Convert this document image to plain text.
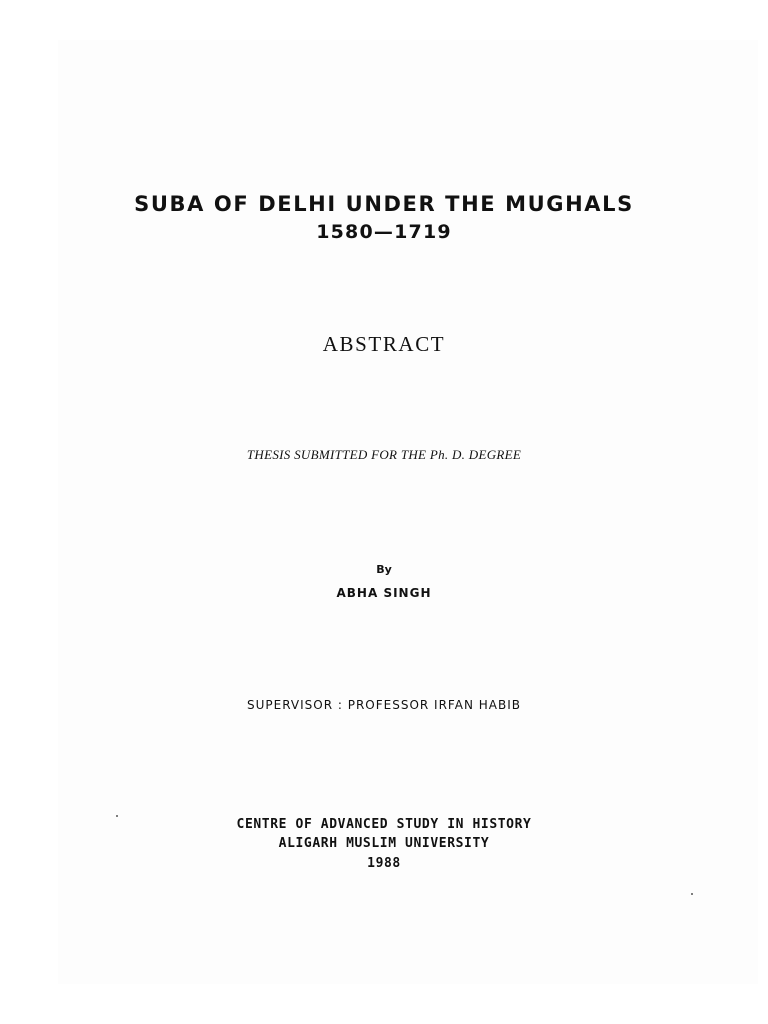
SUBA OF DELHI UNDER THE MUGHALS
1580—1719
ABSTRACT
THESIS SUBMITTED FOR THE Ph. D. DEGREE
By
ABHA SINGH
SUPERVISOR : PROFESSOR IRFAN HABIB
CENTRE OF ADVANCED STUDY IN HISTORY
ALIGARH MUSLIM UNIVERSITY
1988
